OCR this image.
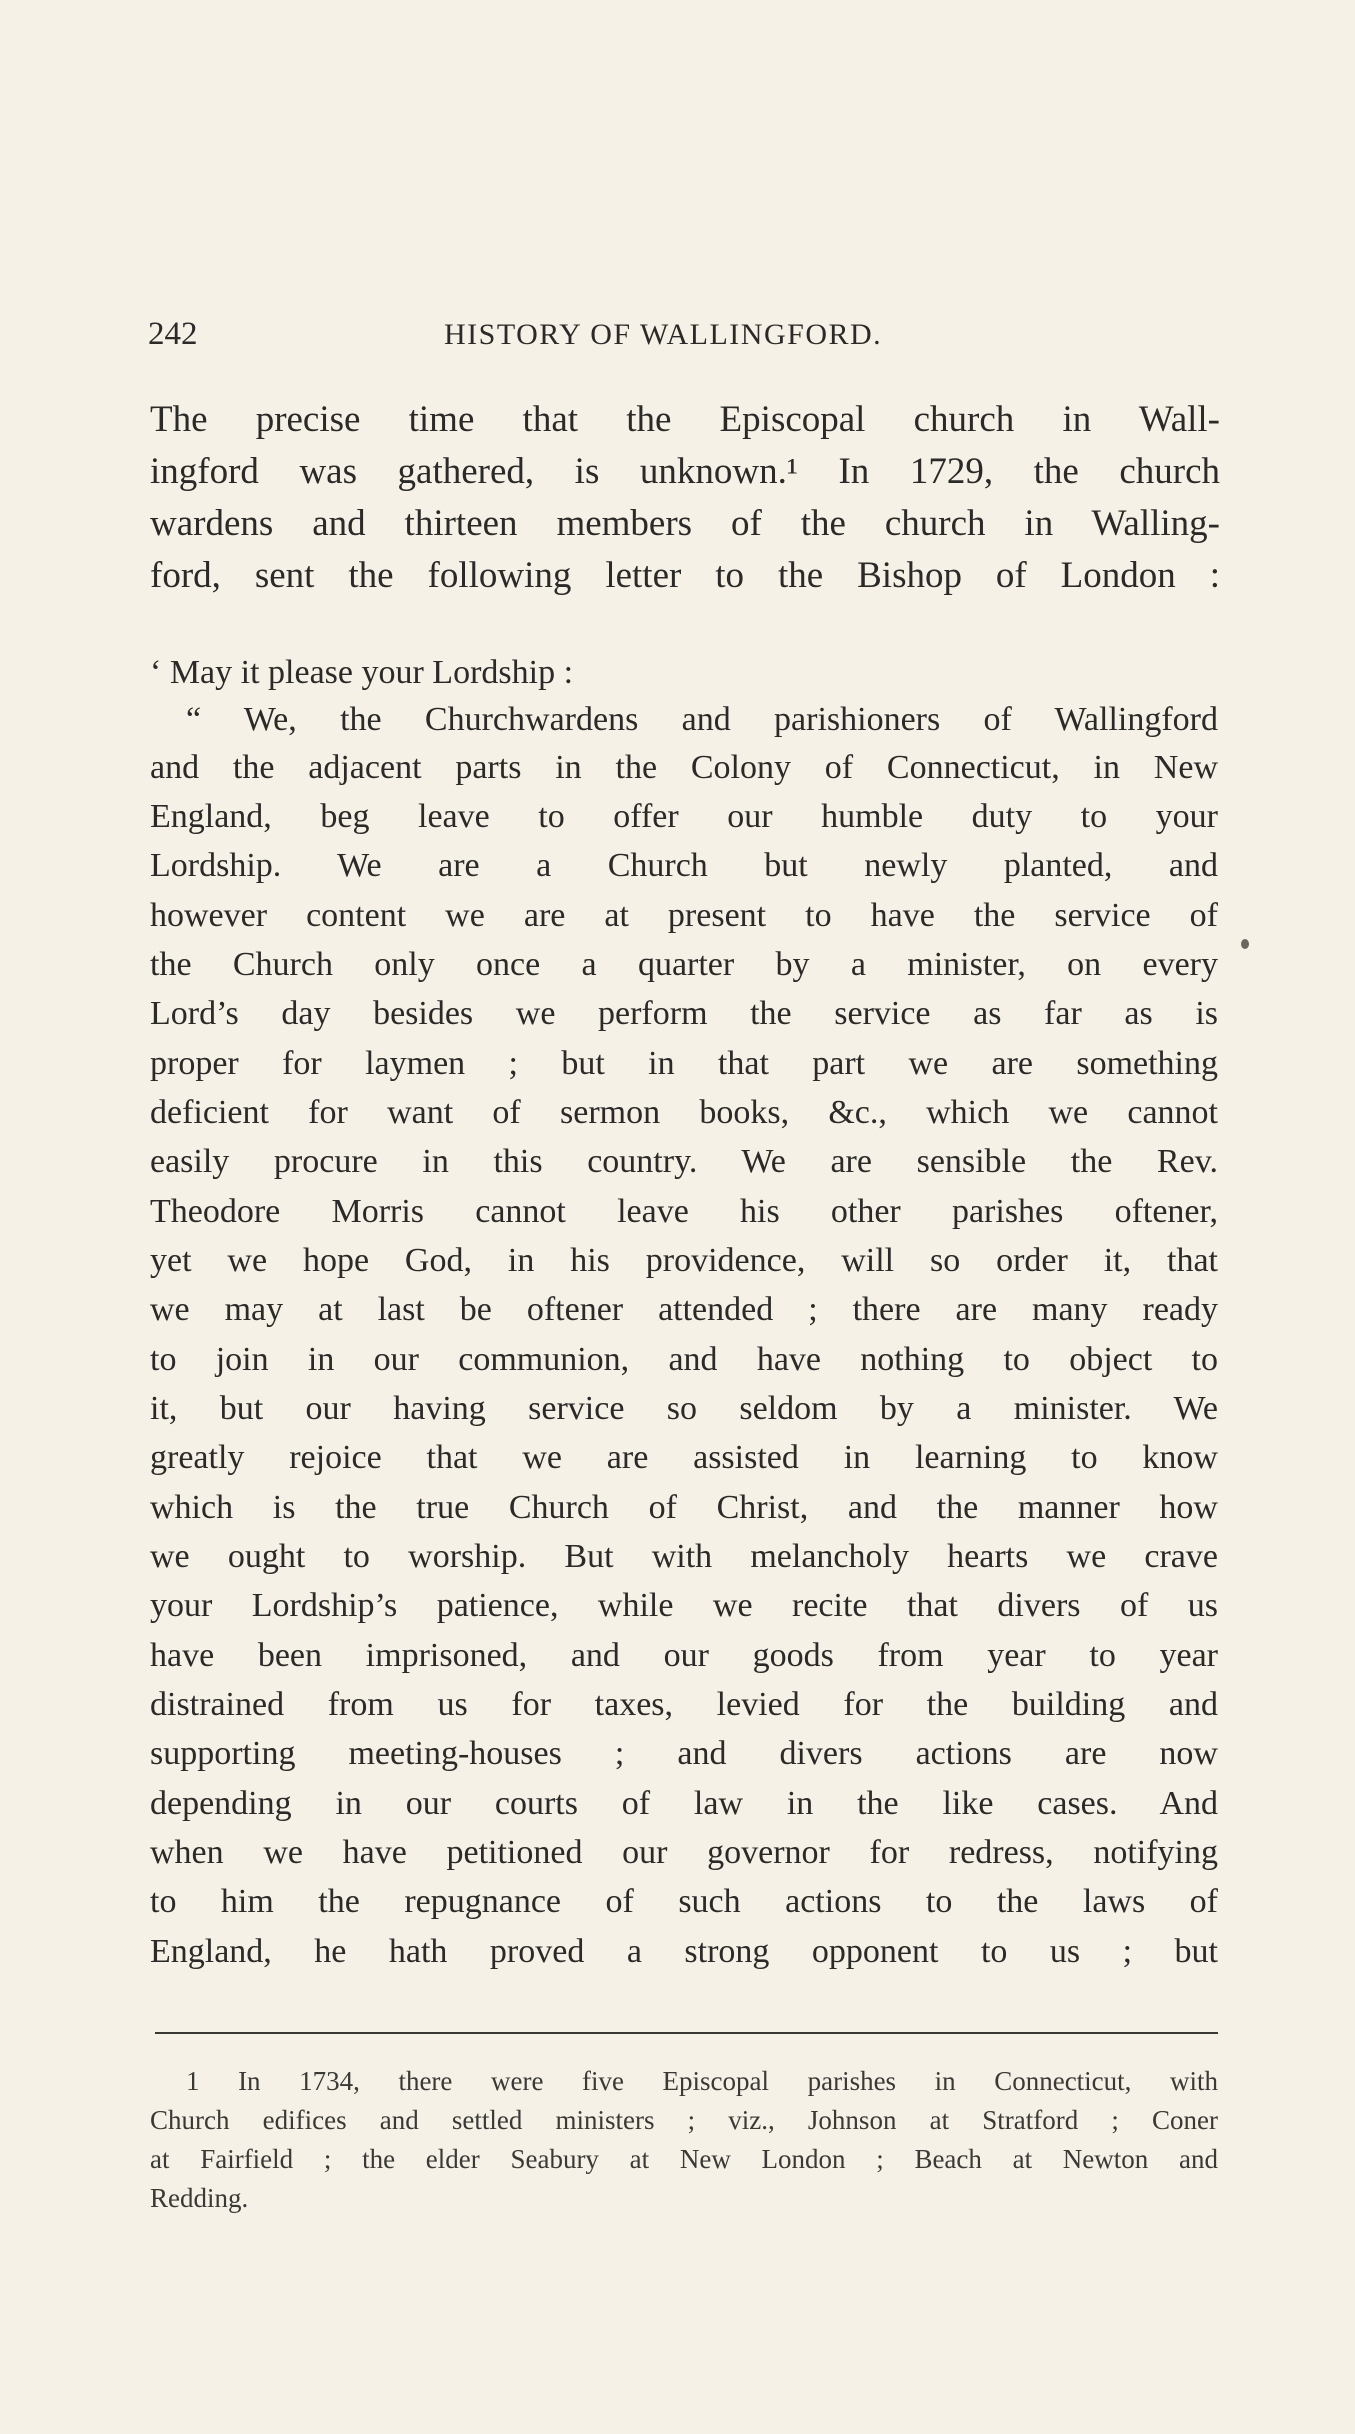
242	HISTORY OF WALLINGFORD.
The precise time that the Episcopal church in Wall-
ingford was gathered, is unknown.¹ In 1729, the church
wardens and thirteen members of the church in Walling-
ford, sent the following letter to the Bishop of London :
‘ May it please your Lordship :
“ We, the Churchwardens and parishioners of Wallingford
and the adjacent parts in the Colony of Connecticut, in New
England, beg leave to offer our humble duty to your
Lordship. We are a Church but newly planted, and
however content we are at present to have the service of
the Church only once a quarter by a minister, on every
Lord’s day besides we perform the service as far as is
proper for laymen ; but in that part we are something
deficient for want of sermon books, &c., which we cannot
easily procure in this country. We are sensible the Rev.
Theodore Morris cannot leave his other parishes oftener,
yet we hope God, in his providence, will so order it, that
we may at last be oftener attended ; there are many ready
to join in our communion, and have nothing to object to
it, but our having service so seldom by a minister. We
greatly rejoice that we are assisted in learning to know
which is the true Church of Christ, and the manner how
we ought to worship. But with melancholy hearts we crave
your Lordship’s patience, while we recite that divers of us
have been imprisoned, and our goods from year to year
distrained from us for taxes, levied for the building and
supporting meeting-houses ; and divers actions are now
depending in our courts of law in the like cases. And
when we have petitioned our governor for redress, notifying
to him the repugnance of such actions to the laws of
England, he hath proved a strong opponent to us ; but
1 In 1734, there were five Episcopal parishes in Connecticut, with
Church edifices and settled ministers ; viz., Johnson at Stratford ; Coner
at Fairfield ; the elder Seabury at New London ; Beach at Newton and
Redding.
